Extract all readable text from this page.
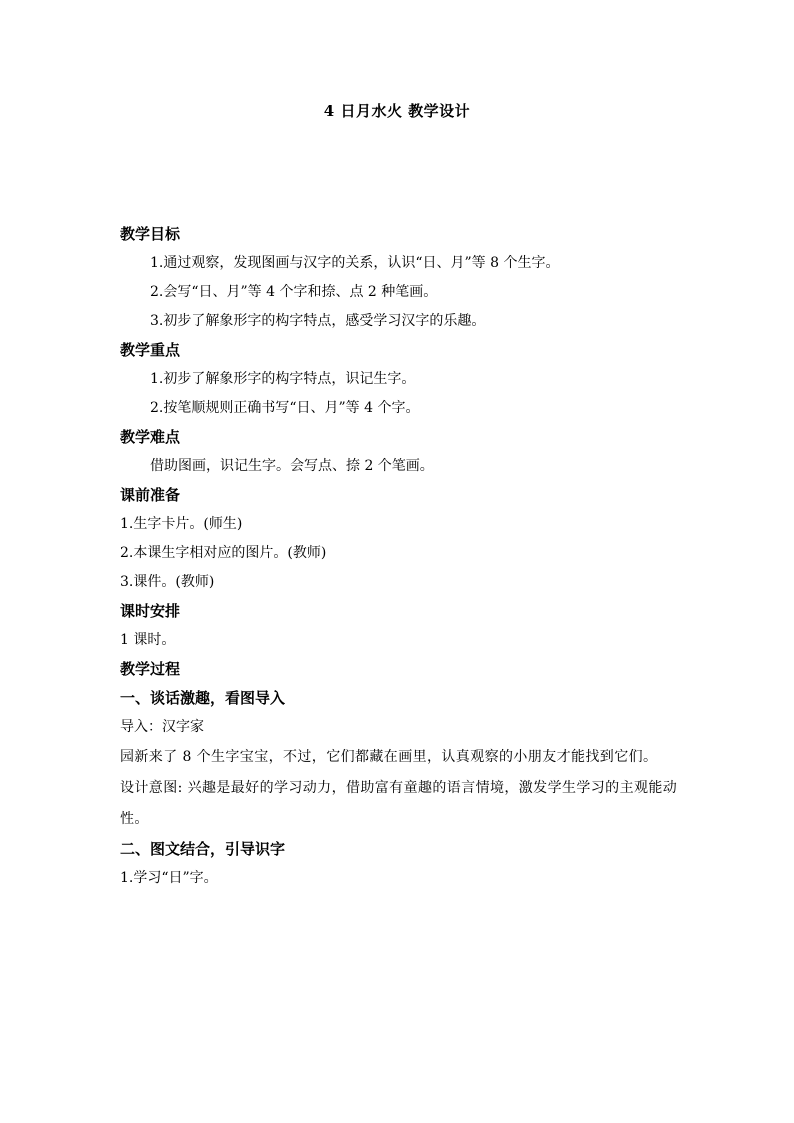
4 日月水火 教学设计
教学目标
1.通过观察，发现图画与汉字的关系，认识“日、月”等 8 个生字。
2.会写“日、月”等 4 个字和捺、点 2 种笔画。
3.初步了解象形字的构字特点，感受学习汉字的乐趣。
教学重点
1.初步了解象形字的构字特点，识记生字。
2.按笔顺规则正确书写“日、月”等 4 个字。
教学难点
借助图画，识记生字。会写点、捺 2 个笔画。
课前准备
1.生字卡片。(师生)
2.本课生字相对应的图片。(教师)
3.课件。(教师)
课时安排
1 课时。
教学过程
一、谈话激趣，看图导入
导入：汉字家
园新来了 8 个生字宝宝，不过，它们都藏在画里，认真观察的小朋友才能找到它们。
设计意图: 兴趣是最好的学习动力，借助富有童趣的语言情境，激发学生学习的主观能动性。
二、图文结合，引导识字
1.学习“日”字。
